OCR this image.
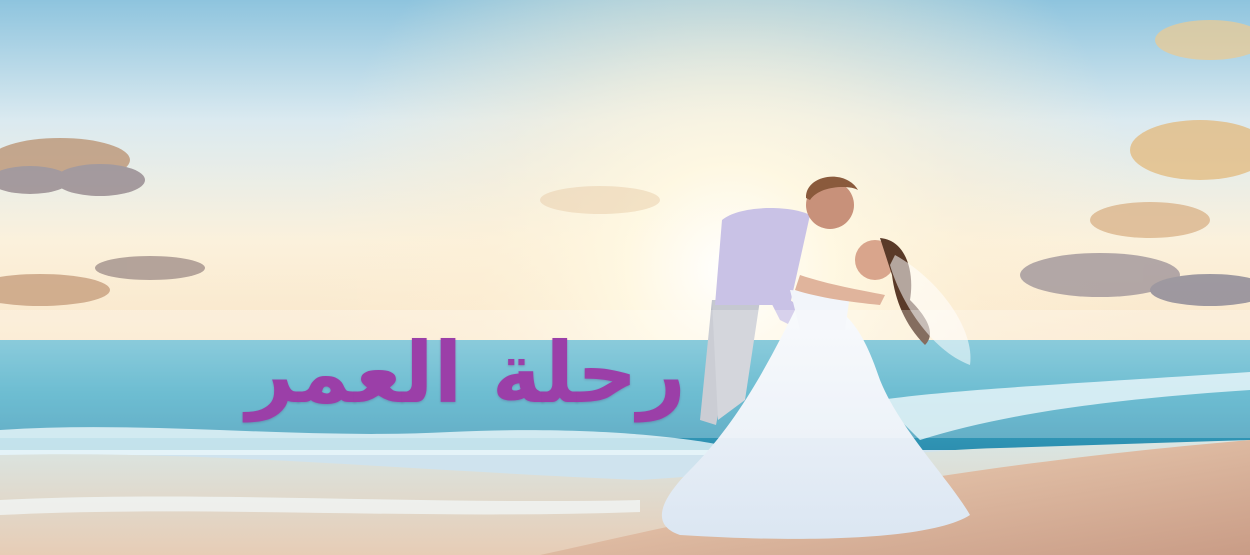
رحلة العمر
